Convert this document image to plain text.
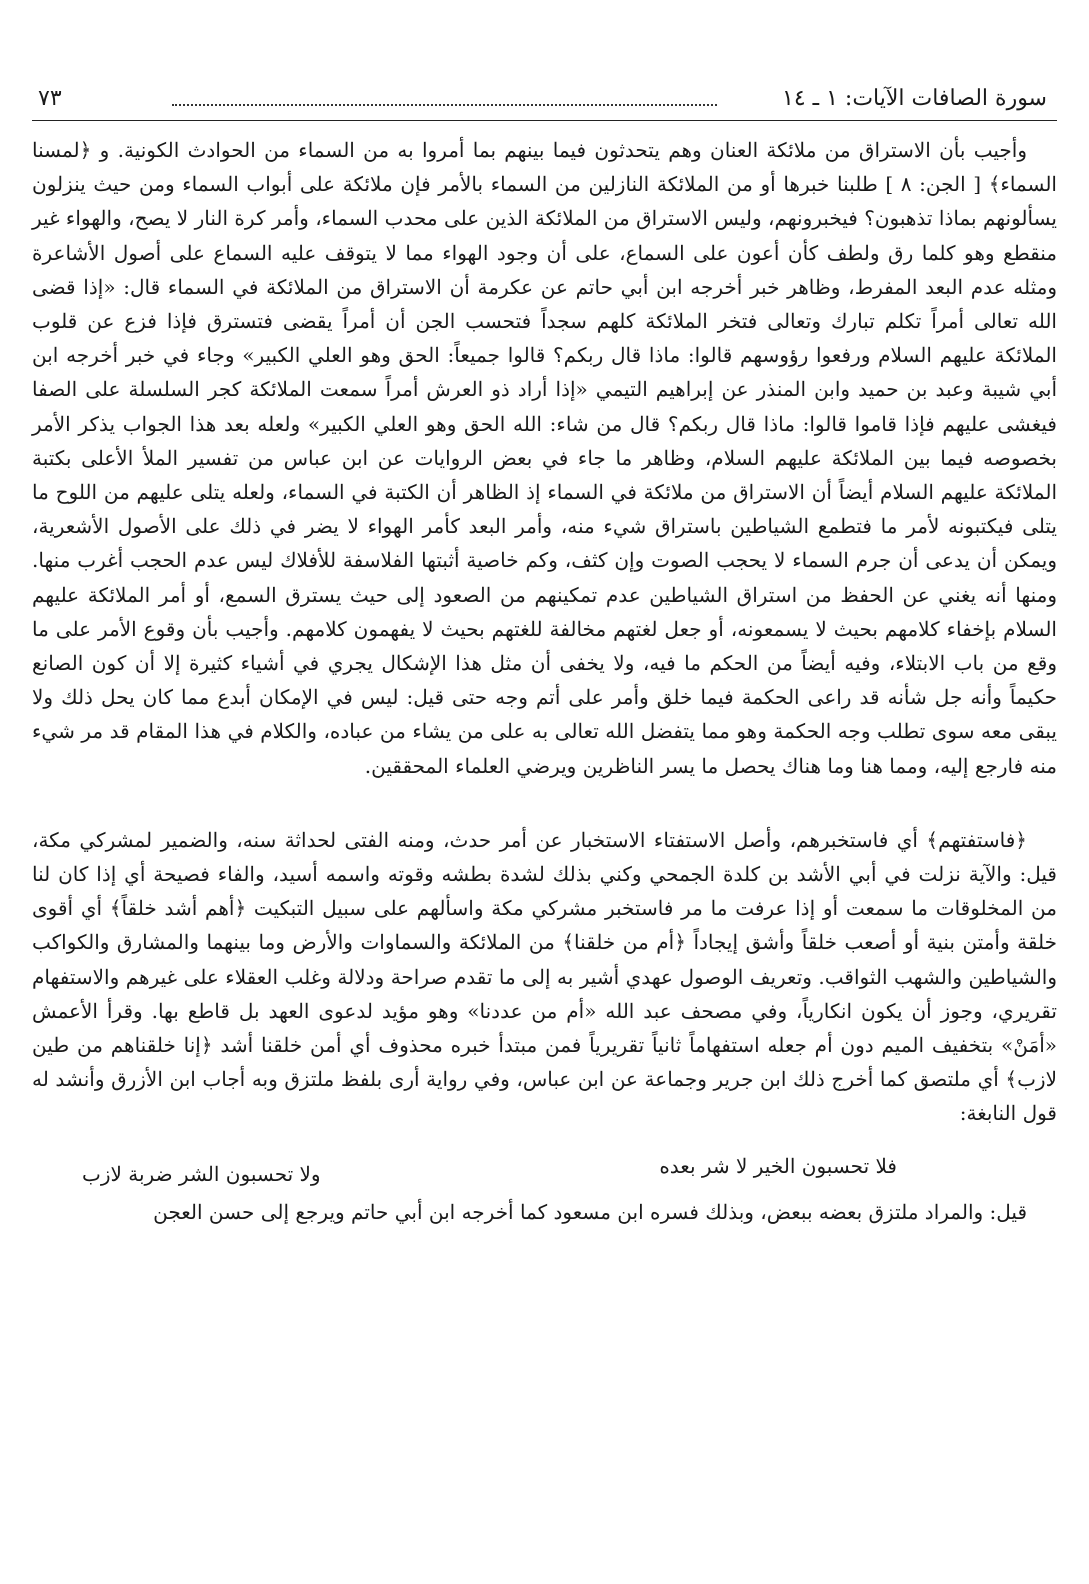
سورة الصافات الآيات: ١ ـ ١٤
٧٣

وأجيب بأن الاستراق من ملائكة العنان وهم يتحدثون فيما بينهم بما أمروا به من السماء من الحوادث الكونية. و ﴿لمسنا السماء﴾ [ الجن: ٨ ] طلبنا خبرها أو من الملائكة النازلين من السماء بالأمر فإن ملائكة على أبواب السماء ومن حيث ينزلون يسألونهم بماذا تذهبون؟ فيخبرونهم، وليس الاستراق من الملائكة الذين على محدب السماء، وأمر كرة النار لا يصح، والهواء غير منقطع وهو كلما رق ولطف كأن أعون على السماع، على أن وجود الهواء مما لا يتوقف عليه السماع على أصول الأشاعرة ومثله عدم البعد المفرط، وظاهر خبر أخرجه ابن أبي حاتم عن عكرمة أن الاستراق من الملائكة في السماء قال: «إذا قضى الله تعالى أمراً تكلم تبارك وتعالى فتخر الملائكة كلهم سجداً فتحسب الجن أن أمراً يقضى فتسترق فإذا فزع عن قلوب الملائكة عليهم السلام ورفعوا رؤوسهم قالوا: ماذا قال ربكم؟ قالوا جميعاً: الحق وهو العلي الكبير» وجاء في خبر أخرجه ابن أبي شيبة وعبد بن حميد وابن المنذر عن إبراهيم التيمي «إذا أراد ذو العرش أمراً سمعت الملائكة كجر السلسلة على الصفا فيغشى عليهم فإذا قاموا قالوا: ماذا قال ربكم؟ قال من شاء: الله الحق وهو العلي الكبير» ولعله بعد هذا الجواب يذكر الأمر بخصوصه فيما بين الملائكة عليهم السلام، وظاهر ما جاء في بعض الروايات عن ابن عباس من تفسير الملأ الأعلى بكتبة الملائكة عليهم السلام أيضاً أن الاستراق من ملائكة في السماء إذ الظاهر أن الكتبة في السماء، ولعله يتلى عليهم من اللوح ما يتلى فيكتبونه لأمر ما فتطمع الشياطين باستراق شيء منه، وأمر البعد كأمر الهواء لا يضر في ذلك على الأصول الأشعرية، ويمكن أن يدعى أن جرم السماء لا يحجب الصوت وإن كثف، وكم خاصية أثبتها الفلاسفة للأفلاك ليس عدم الحجب أغرب منها. ومنها أنه يغني عن الحفظ من استراق الشياطين عدم تمكينهم من الصعود إلى حيث يسترق السمع، أو أمر الملائكة عليهم السلام بإخفاء كلامهم بحيث لا يسمعونه، أو جعل لغتهم مخالفة للغتهم بحيث لا يفهمون كلامهم. وأجيب بأن وقوع الأمر على ما وقع من باب الابتلاء، وفيه أيضاً من الحكم ما فيه، ولا يخفى أن مثل هذا الإشكال يجري في أشياء كثيرة إلا أن كون الصانع حكيماً وأنه جل شأنه قد راعى الحكمة فيما خلق وأمر على أتم وجه حتى قيل: ليس في الإمكان أبدع مما كان يحل ذلك ولا يبقى معه سوى تطلب وجه الحكمة وهو مما يتفضل الله تعالى به على من يشاء من عباده، والكلام في هذا المقام قد مر شيء منه فارجع إليه، ومما هنا وما هناك يحصل ما يسر الناظرين ويرضي العلماء المحققين.

﴿فاستفتهم﴾ أي فاستخبرهم، وأصل الاستفتاء الاستخبار عن أمر حدث، ومنه الفتى لحداثة سنه، والضمير لمشركي مكة، قيل: والآية نزلت في أبي الأشد بن كلدة الجمحي وكني بذلك لشدة بطشه وقوته واسمه أسيد، والفاء فصيحة أي إذا كان لنا من المخلوقات ما سمعت أو إذا عرفت ما مر فاستخبر مشركي مكة واسألهم على سبيل التبكيت ﴿أهم أشد خلقاً﴾ أي أقوى خلقة وأمتن بنية أو أصعب خلقاً وأشق إيجاداً ﴿أم من خلقنا﴾ من الملائكة والسماوات والأرض وما بينهما والمشارق والكواكب والشياطين والشهب الثواقب. وتعريف الوصول عهدي أشير به إلى ما تقدم صراحة ودلالة وغلب العقلاء على غيرهم والاستفهام تقريري، وجوز أن يكون انكارياً، وفي مصحف عبد الله «أم من عددنا» وهو مؤيد لدعوى العهد بل قاطع بها. وقرأ الأعمش «أمَنْ» بتخفيف الميم دون أم جعله استفهاماً ثانياً تقريرياً فمن مبتدأ خبره محذوف أي أمن خلقنا أشد ﴿إنا خلقناهم من طين لازب﴾ أي ملتصق كما أخرج ذلك ابن جرير وجماعة عن ابن عباس، وفي رواية أرى بلفظ ملتزق وبه أجاب ابن الأزرق وأنشد له قول النابغة:

فلا تحسبون الخير لا شر بعده
ولا تحسبون الشر ضربة لازب

قيل: والمراد ملتزق بعضه ببعض، وبذلك فسره ابن مسعود كما أخرجه ابن أبي حاتم ويرجع إلى حسن العجن
